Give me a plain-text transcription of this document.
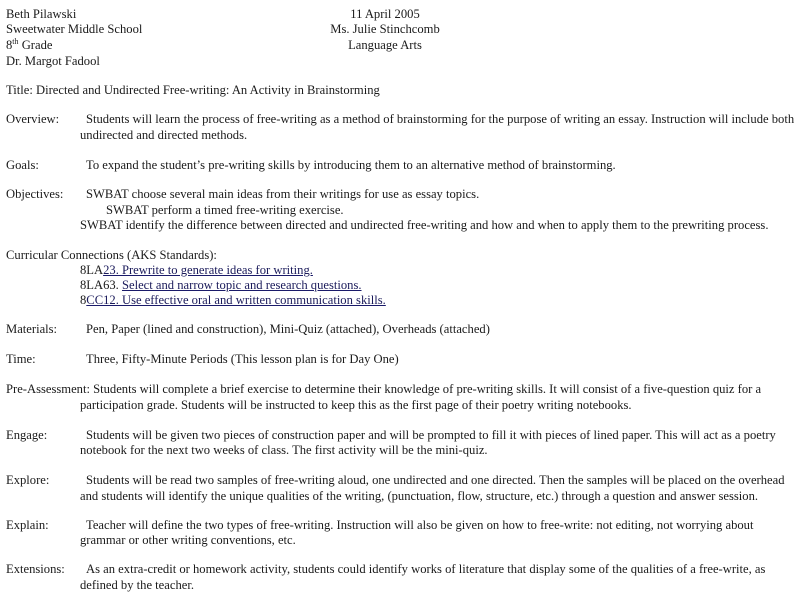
Beth Pilawski
Sweetwater Middle School
8th Grade
Dr. Margot Fadool
11 April 2005
Ms. Julie Stinchcomb
Language Arts
Title: Directed and Undirected Free-writing: An Activity in Brainstorming
Overview: Students will learn the process of free-writing as a method of brainstorming for the purpose of writing an essay. Instruction will include both
undirected and directed methods.
Goals:	To expand the student’s pre-writing skills by introducing them to an alternative method of brainstorming.
Objectives: SWBAT choose several main ideas from their writings for use as essay topics.
SWBAT perform a timed free-writing exercise.
SWBAT identify the difference between directed and undirected free-writing and how and when to apply them to the prewriting process.
Curricular Connections (AKS Standards):
8LA23. Prewrite to generate ideas for writing.
8LA63. Select and narrow topic and research questions.
8CC12. Use effective oral and written communication skills.
Materials: Pen, Paper (lined and construction), Mini-Quiz (attached), Overheads (attached)
Time:	Three, Fifty-Minute Periods (This lesson plan is for Day One)
Pre-Assessment: Students will complete a brief exercise to determine their knowledge of pre-writing skills. It will consist of a five-question quiz for a
participation grade. Students will be instructed to keep this as the first page of their poetry writing notebooks.
Engage:	Students will be given two pieces of construction paper and will be prompted to fill it with pieces of lined paper. This will act as a poetry
notebook for the next two weeks of class. The first activity will be the mini-quiz.
Explore:	Students will be read two samples of free-writing aloud, one undirected and one directed. Then the samples will be placed on the overhead
and students will identify the unique qualities of the writing, (punctuation, flow, structure, etc.) through a question and answer session.
Explain:	Teacher will define the two types of free-writing. Instruction will also be given on how to free-write: not editing, not worrying about
grammar or other writing conventions, etc.
Extensions: As an extra-credit or homework activity, students could identify works of literature that display some of the qualities of a free-write, as
defined by the teacher.
